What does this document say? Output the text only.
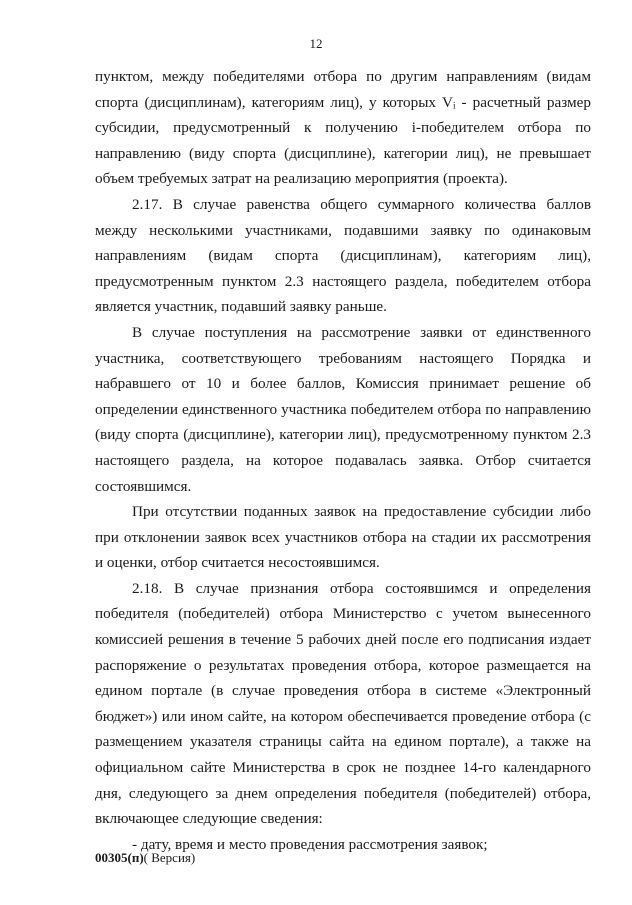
12

пунктом, между победителями отбора по другим направлениям (видам спорта (дисциплинам), категориям лиц), у которых Vᵢ - расчетный размер субсидии, предусмотренный к получению i-победителем отбора по направлению (виду спорта (дисциплине), категории лиц), не превышает объем требуемых затрат на реализацию мероприятия (проекта).

2.17. В случае равенства общего суммарного количества баллов между несколькими участниками, подавшими заявку по одинаковым направлениям (видам спорта (дисциплинам), категориям лиц), предусмотренным пунктом 2.3 настоящего раздела, победителем отбора является участник, подавший заявку раньше.

В случае поступления на рассмотрение заявки от единственного участника, соответствующего требованиям настоящего Порядка и набравшего от 10 и более баллов, Комиссия принимает решение об определении единственного участника победителем отбора по направлению (виду спорта (дисциплине), категории лиц), предусмотренному пунктом 2.3 настоящего раздела, на которое подавалась заявка. Отбор считается состоявшимся.

При отсутствии поданных заявок на предоставление субсидии либо при отклонении заявок всех участников отбора на стадии их рассмотрения и оценки, отбор считается несостоявшимся.

2.18. В случае признания отбора состоявшимся и определения победителя (победителей) отбора Министерство с учетом вынесенного комиссией решения в течение 5 рабочих дней после его подписания издает распоряжение о результатах проведения отбора, которое размещается на едином портале (в случае проведения отбора в системе «Электронный бюджет») или ином сайте, на котором обеспечивается проведение отбора (с размещением указателя страницы сайта на едином портале), а также на официальном сайте Министерства в срок не позднее 14-го календарного дня, следующего за днем определения победителя (победителей) отбора, включающее следующие сведения:

- дату, время и место проведения рассмотрения заявок;

00305(п)( Версия)
